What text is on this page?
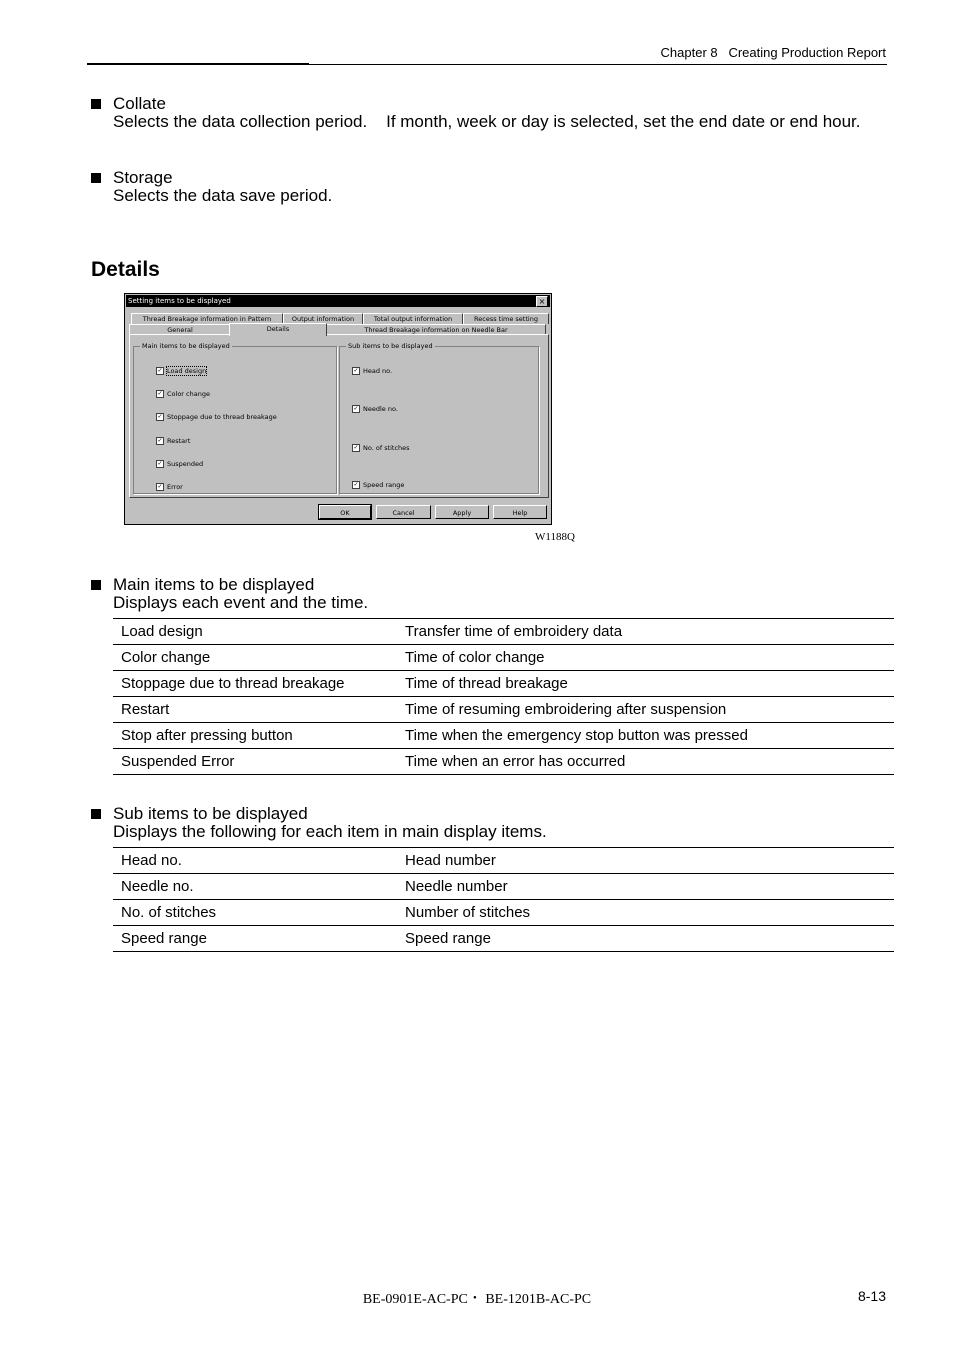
Chapter 8 Creating Production Report
Collate
Selects the data collection period.    If month, week or day is selected, set the end date or end hour.
Storage
Selects the data save period.
Details
Setting items to be displayed	×
Thread Breakage information in Pattern	Output information	Total output information	Recess time setting
General	Details	Thread Breakage information on Needle Bar
Main items to be displayed
✓ Load design
✓ Color change
✓ Stoppage due to thread breakage
✓ Restart
✓ Suspended
✓ Error
Sub items to be displayed
✓ Head no.
✓ Needle no.
✓ No. of stitches
✓ Speed range
OK	Cancel	Apply	Help
W1188Q
Main items to be displayed
Displays each event and the time.
Load design	Transfer time of embroidery data
Color change	Time of color change
Stoppage due to thread breakage	Time of thread breakage
Restart	Time of resuming embroidering after suspension
Stop after pressing button	Time when the emergency stop button was pressed
Suspended Error	Time when an error has occurred
Sub items to be displayed
Displays the following for each item in main display items.
Head no.	Head number
Needle no.	Needle number
No. of stitches	Number of stitches
Speed range	Speed range
BE-0901E-AC-PC・ BE-1201B-AC-PC	8-13
